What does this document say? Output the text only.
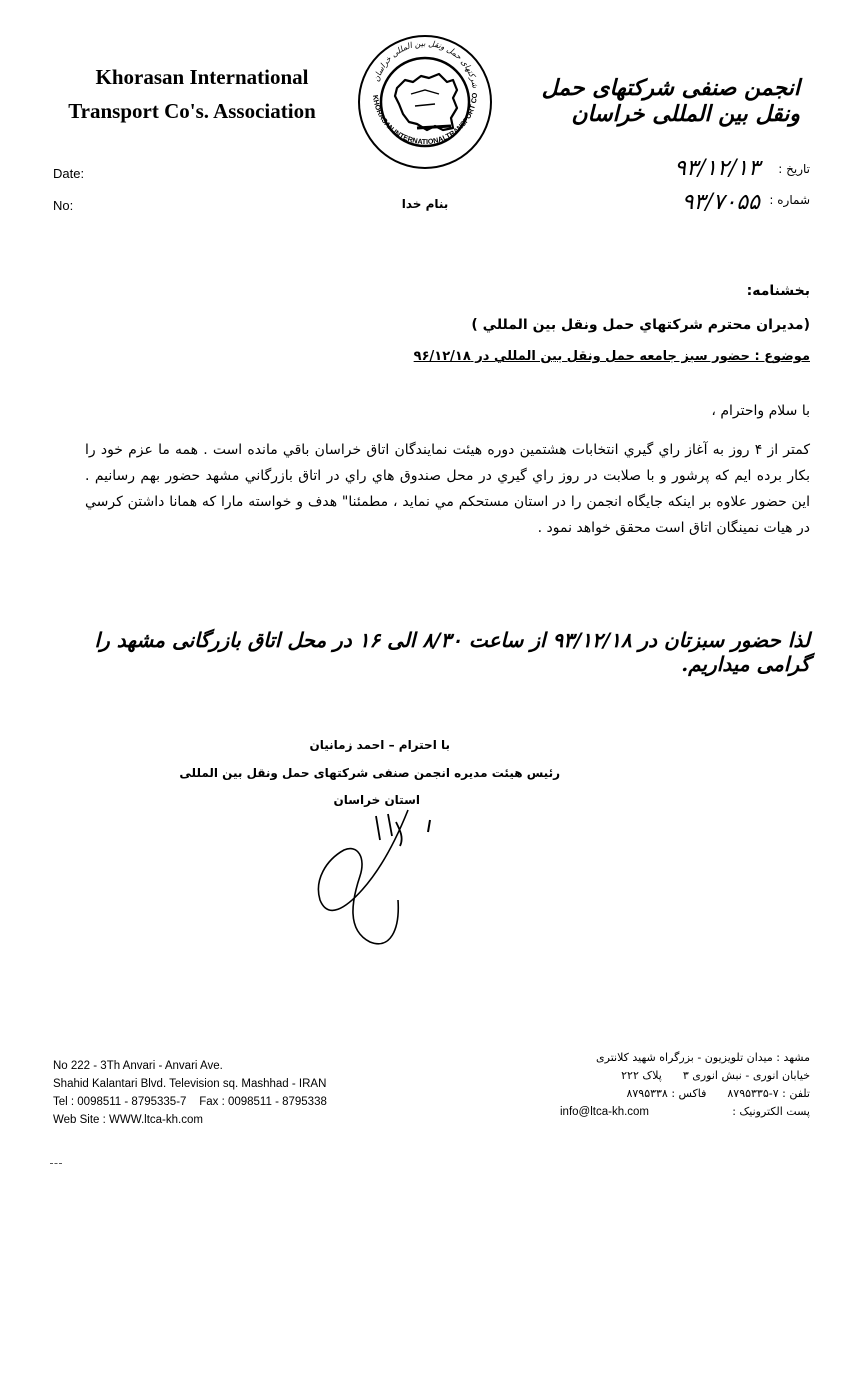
Khorasan International
Transport Co's. Association
KHORASAN INTERNATIONALTRANSPORT CO
شرکتهای حمل ونقل بین المللی خراسان
انجمن صنفی شرکتهای حمل ونقل بین المللی خراسان
Date:
No:	بنام خدا
تاریخ :
۹۳/۱۲/۱۳
شماره :
۹۳/۷۰۵۵
بخشنامه:
(مديران محترم شركتهاي حمل ونقل بين المللي )
موضوع : حضور سبز جامعه حمل ونقل بين المللي در ۹۶/۱۲/۱۸
با سلام واحترام ،
کمتر از ۴ روز به آغاز راي گيري انتخابات هشتمين دوره هيئت نمايندگان اتاق خراسان باقي مانده است . همه ما عزم خود را بکار برده ايم که پرشور و با صلابت در روز راي گيري در محل صندوق هاي راي در اتاق بازرگاني مشهد حضور بهم رسانيم . اين حضور علاوه بر اينکه جايگاه انجمن را در استان مستحکم مي نمايد ، مطمئنا" هدف و خواسته مارا که همانا داشتن کرسي در هيات نمينگان اتاق است محقق خواهد نمود .
لذا حضور سبزتان در ۹۳/۱۲/۱۸ از ساعت ۸/۳۰ الی ۱۶ در محل اتاق بازرگانی مشهد را گرامی میداریم.
با احترام – احمد زمانیان
رئیس هیئت مدیره انجمن صنفی شرکتهای حمل ونقل بین المللی
استان خراسان
No 222 - 3Th Anvari - Anvari Ave.
Shahid Kalantari Blvd. Television sq. Mashhad - IRAN
Tel : 0098511 - 8795335-7    Fax : 0098511 - 8795338
Web Site : WWW.ltca-kh.com
مشهد : میدان تلویزیون - بزرگراه شهید کلانتری
خیابان انوری - نبش انوری ۳      پلاک ۲۲۲
تلفن : ۷-۸۷۹۵۳۳۵      فاکس : ۸۷۹۵۳۳۸
پست الکترونیک :
info@ltca-kh.com
